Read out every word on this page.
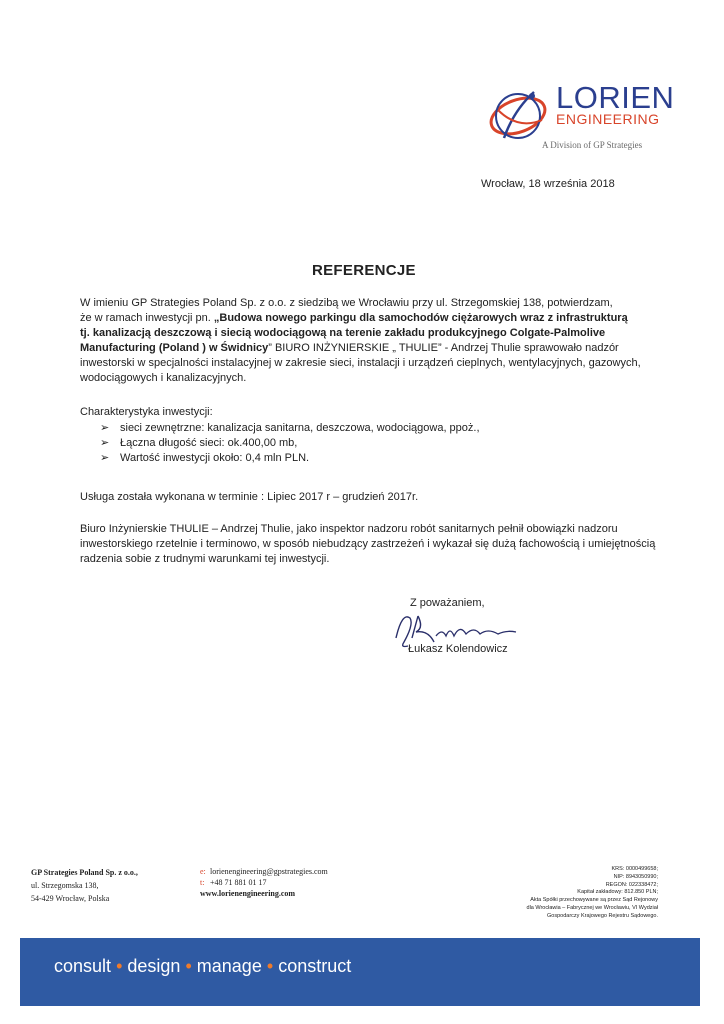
LORIEN
ENGINEERING
A Division of GP Strategies
Wrocław, 18 września 2018
REFERENCJE
W imieniu GP Strategies Poland Sp. z o.o. z siedzibą we Wrocławiu przy ul. Strzegomskiej 138, potwierdzam,
że w ramach inwestycji pn. „Budowa nowego parkingu dla samochodów ciężarowych wraz z infrastrukturą
tj. kanalizacją deszczową i siecią wodociągową na terenie zakładu produkcyjnego Colgate-Palmolive
Manufacturing (Poland ) w Świdnicy” BIURO INŻYNIERSKIE „ THULIE” - Andrzej Thulie sprawowało nadzór
inwestorski w specjalności instalacyjnej w zakresie sieci, instalacji i urządzeń cieplnych, wentylacyjnych, gazowych,
wodociągowych i kanalizacyjnych.
Charakterystyka inwestycji:
➢ sieci zewnętrzne: kanalizacja sanitarna, deszczowa, wodociągowa, ppoż.,
➢ Łączna długość sieci: ok.400,00 mb,
➢ Wartość inwestycji około: 0,4 mln PLN.
Usługa została wykonana w terminie : Lipiec 2017 r – grudzień 2017r.
Biuro Inżynierskie THULIE – Andrzej Thulie, jako inspektor nadzoru robót sanitarnych pełnił obowiązki nadzoru
inwestorskiego rzetelnie i terminowo, w sposób niebudzący zastrzeżeń i wykazał się dużą fachowością i umiejętnością
radzenia sobie z trudnymi warunkami tej inwestycji.
Z poważaniem,
Łukasz Kolendowicz
GP Strategies Poland Sp. z o.o.,
ul. Strzegomska 138,
54-429 Wrocław, Polska
e: lorienengineering@gpstrategies.com
t: +48 71 881 01 17
www.lorienengineering.com
KRS: 0000499658;
NIP: 8943050990;
REGON: 022338472;
Kapitał zakładowy: 812.850 PLN;
Akta Spółki przechowywane są przez Sąd Rejonowy
dla Wrocławia – Fabrycznej we Wrocławiu, VI Wydział
Gospodarczy Krajowego Rejestru Sądowego.
consult • design • manage • construct
